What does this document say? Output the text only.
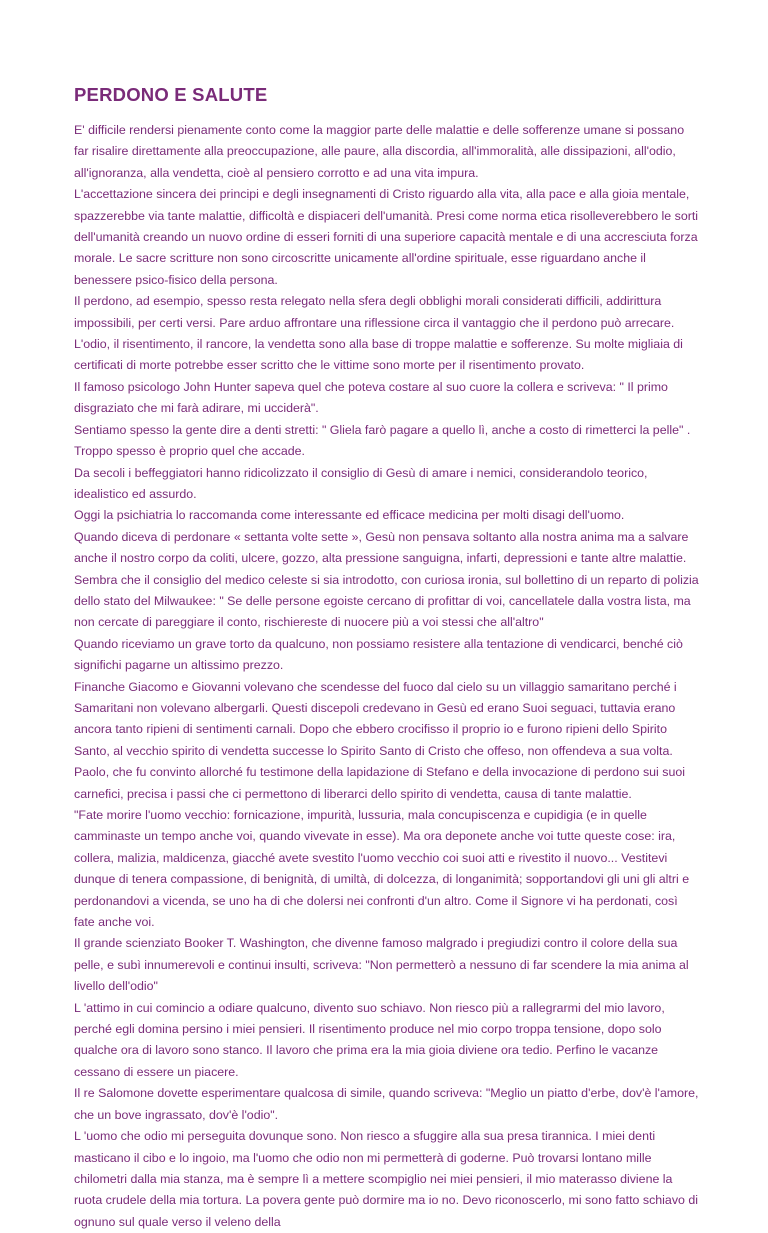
PERDONO E SALUTE

E' difficile rendersi pienamente conto come la maggior parte delle malattie e delle sofferenze umane si possano far risalire direttamente alla preoccupazione, alle paure, alla discordia, all'immoralità, alle dissipazioni, all'odio, all'ignoranza, alla vendetta, cioè al pensiero corrotto e ad una vita impura.

L'accettazione sincera dei principi e degli insegnamenti di Cristo riguardo alla vita, alla pace e alla gioia mentale, spazzerebbe via tante malattie, difficoltà e dispiaceri dell'umanità. Presi come norma etica risolleverebbero le sorti dell'umanità creando un nuovo ordine di esseri forniti di una superiore capacità mentale e di una accresciuta forza morale. Le sacre scritture non sono circoscritte unicamente all'ordine spirituale, esse riguardano anche il benessere psico-fisico della persona.

Il perdono, ad esempio, spesso resta relegato nella sfera degli obblighi morali considerati difficili, addirittura impossibili, per certi versi. Pare arduo affrontare una riflessione circa il vantaggio che il perdono può arrecare.

L'odio, il risentimento, il rancore, la vendetta sono alla base di troppe malattie e sofferenze. Su molte migliaia di certificati di morte potrebbe esser scritto che le vittime sono morte per il risentimento provato.

Il famoso psicologo John Hunter sapeva quel che poteva costare al suo cuore la collera e scriveva: " Il primo disgraziato che mi farà adirare, mi ucciderà".

Sentiamo spesso la gente dire a denti stretti: " Gliela farò pagare a quello lì, anche a costo di rimetterci la pelle" . Troppo spesso è proprio quel che accade.

Da secoli i beffeggiatori hanno ridicolizzato il consiglio di Gesù di amare i nemici, considerandolo teorico, idealistico ed assurdo.

Oggi la psichiatria lo raccomanda come interessante ed efficace medicina per molti disagi dell'uomo.

Quando diceva di perdonare « settanta volte sette », Gesù non pensava soltanto alla nostra anima ma a salvare anche il nostro corpo da coliti, ulcere, gozzo, alta pressione sanguigna, infarti, depressioni e tante altre malattie. Sembra che il consiglio del medico celeste si sia introdotto, con curiosa ironia, sul bollettino di un reparto di polizia dello stato del Milwaukee: " Se delle persone egoiste cercano di profittar di voi, cancellatele dalla vostra lista, ma non cercate di pareggiare il conto, rischiereste di nuocere più a voi stessi che all'altro"

Quando riceviamo un grave torto da qualcuno, non possiamo resistere alla tentazione di vendicarci, benché ciò significhi pagarne un altissimo prezzo.

Finanche Giacomo e Giovanni volevano che scendesse del fuoco dal cielo su un villaggio samaritano perché i Samaritani non volevano albergarli. Questi discepoli credevano in Gesù ed erano Suoi seguaci, tuttavia erano ancora tanto ripieni di sentimenti carnali. Dopo che ebbero crocifisso il proprio io e furono ripieni dello Spirito Santo, al vecchio spirito di vendetta successe lo Spirito Santo di Cristo che offeso, non offendeva a sua volta.

Paolo, che fu convinto allorché fu testimone della lapidazione di Stefano e della invocazione di perdono sui suoi carnefici, precisa i passi che ci permettono di liberarci dello spirito di vendetta, causa di tante malattie.

"Fate morire l'uomo vecchio: fornicazione, impurità, lussuria, mala concupiscenza e cupidigia (e in quelle camminaste un tempo anche voi, quando vivevate in esse). Ma ora deponete anche voi tutte queste cose: ira, collera, malizia, maldicenza, giacché avete svestito l'uomo vecchio coi suoi atti e rivestito il nuovo... Vestitevi dunque di tenera compassione, di benignità, di umiltà, di dolcezza, di longanimità; sopportandovi gli uni gli altri e perdonandovi a vicenda, se uno ha di che dolersi nei confronti d'un altro. Come il Signore vi ha perdonati, così fate anche voi.

Il grande scienziato Booker T. Washington, che divenne famoso malgrado i pregiudizi contro il colore della sua pelle, e subì innumerevoli e continui insulti, scriveva: "Non permetterò a nessuno di far scendere la mia anima al livello dell'odio"

L 'attimo in cui comincio a odiare qualcuno, divento suo schiavo. Non riesco più a rallegrarmi del mio lavoro, perché egli domina persino i miei pensieri. Il risentimento produce nel mio corpo troppa tensione, dopo solo qualche ora di lavoro sono stanco. Il lavoro che prima era la mia gioia diviene ora tedio. Perfino le vacanze cessano di essere un piacere.

Il re Salomone dovette esperimentare qualcosa di simile, quando scriveva: "Meglio un piatto d'erbe, dov'è l'amore, che un bove ingrassato, dov'è l'odio".

L 'uomo che odio mi perseguita dovunque sono. Non riesco a sfuggire alla sua presa tirannica. I miei denti masticano il cibo e lo ingoio, ma l'uomo che odio non mi permetterà di goderne. Può trovarsi lontano mille chilometri dalla mia stanza, ma è sempre lì a mettere scompiglio nei miei pensieri, il mio materasso diviene la ruota crudele della mia tortura. La povera gente può dormire ma io no. Devo riconoscerlo, mi sono fatto schiavo di ognuno sul quale verso il veleno della
